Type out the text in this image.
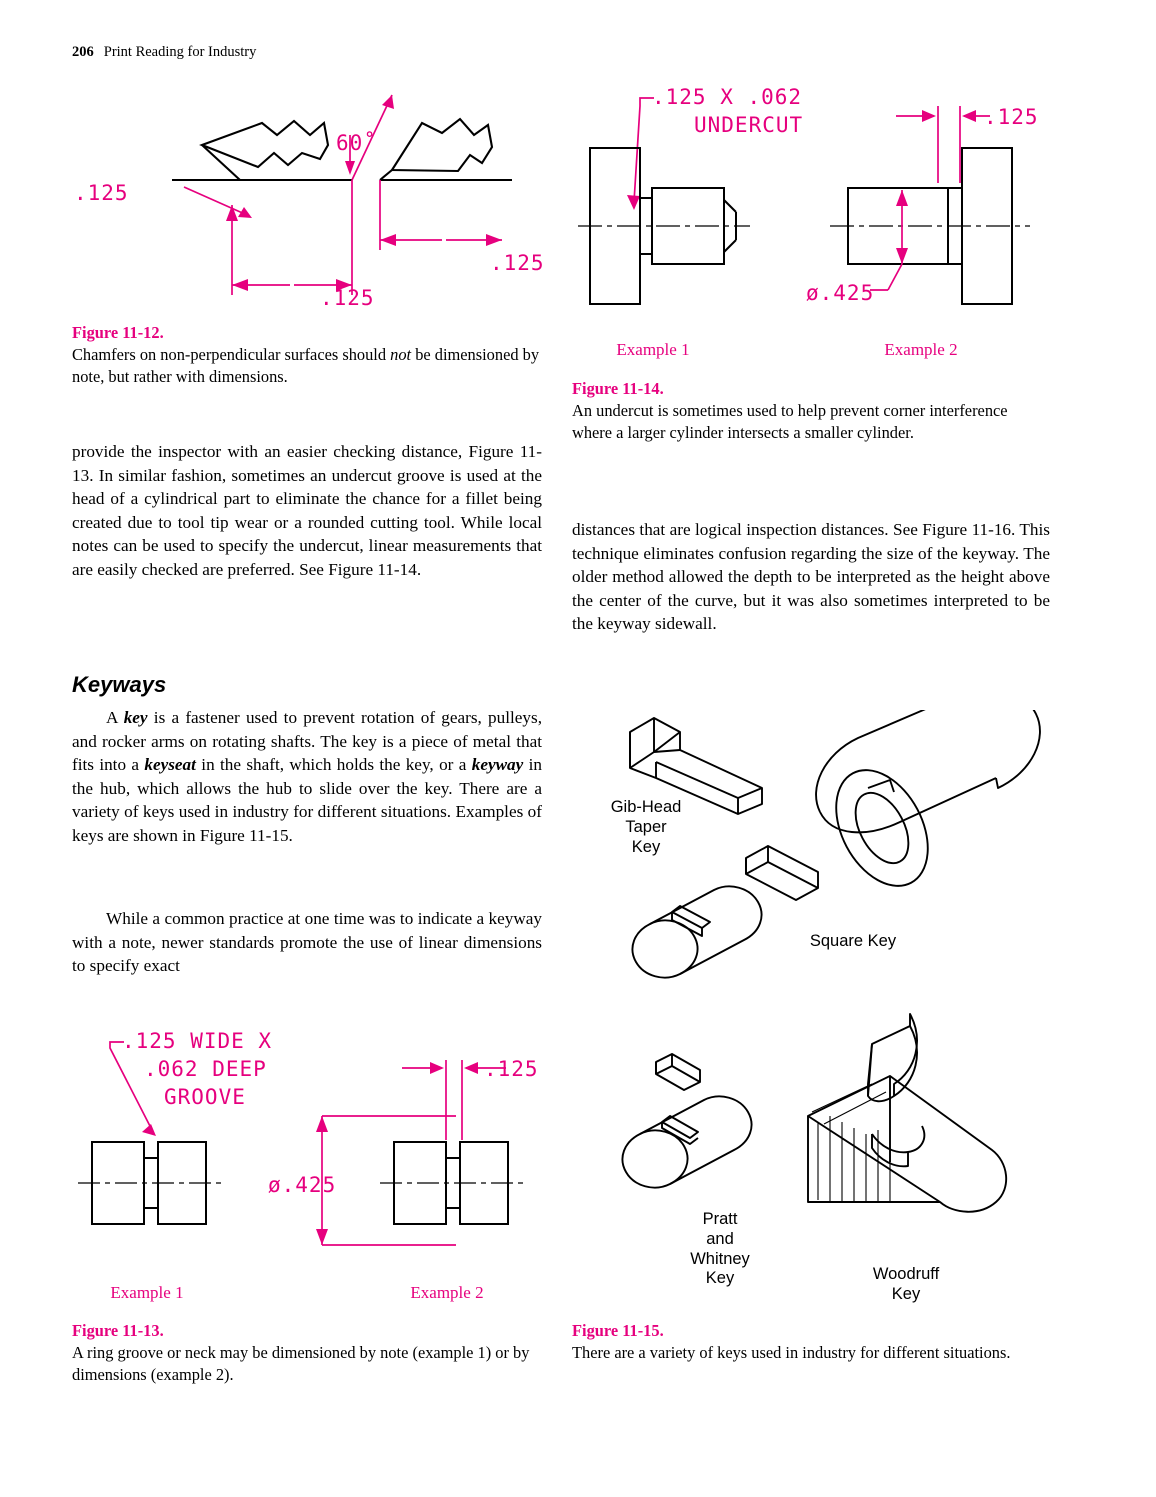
206 Print Reading for Industry
60˚
.125
.125
.125
Figure 11-12.
Chamfers on non-perpendicular surfaces should not be dimensioned by note, but rather with dimensions.

provide the inspector with an easier checking distance, Figure 11-13. In similar fashion, sometimes an undercut groove is used at the head of a cylindrical part to eliminate the chance for a fillet being created due to tool tip wear or a rounded cutting tool. While local notes can be used to specify the undercut, linear measurements that are easily checked are preferred. See Figure 11-14.

Keyways

A key is a fastener used to prevent rotation of gears, pulleys, and rocker arms on rotating shafts. The key is a piece of metal that fits into a keyseat in the shaft, which holds the key, or a keyway in the hub, which allows the hub to slide over the key. There are a variety of keys used in industry for different situations. Examples of keys are shown in Figure 11-15.

While a common practice at one time was to indicate a keyway with a note, newer standards promote the use of linear dimensions to specify exact

.125 WIDE X
.062 DEEP
GROOVE
.125
ø.425
Example 1	Example 2
Figure 11-13.
A ring groove or neck may be dimensioned by note (example 1) or by dimensions (example 2).
.125 X .062
UNDERCUT	.125
ø.425
Example 1	Example 2
Figure 11-14.
An undercut is sometimes used to help prevent corner interference where a larger cylinder intersects a smaller cylinder.

distances that are logical inspection distances. See Figure 11-16. This technique eliminates confusion regarding the size of the keyway. The older method allowed the depth to be interpreted as the height above the center of the curve, but it was also sometimes interpreted to be the keyway sidewall.

Gib-Head
Taper
Key
Square Key
Pratt
and
Whitney
Key	Woodruff
Key
Figure 11-15.
There are a variety of keys used in industry for different situations.
